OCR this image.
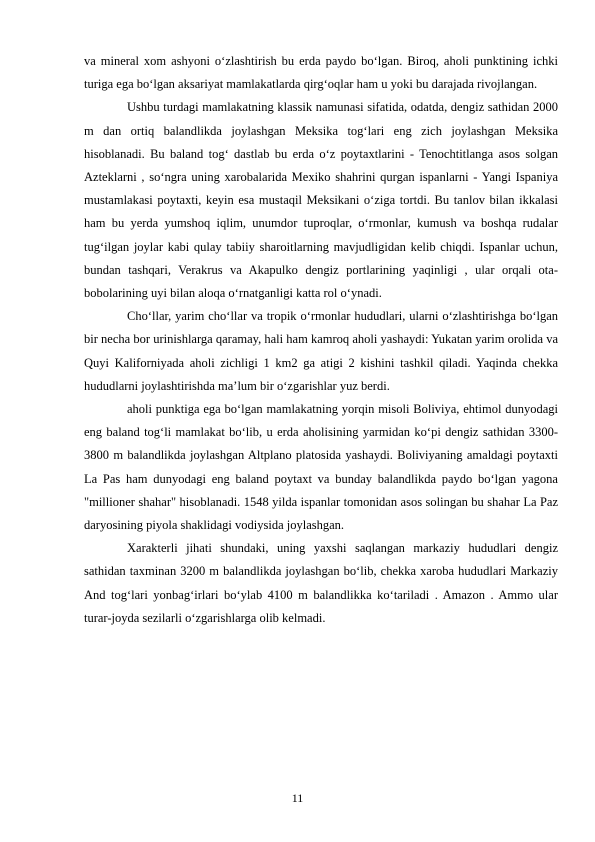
va mineral xom ashyoni o‘zlashtirish bu erda paydo bo‘lgan. Biroq, aholi punktining ichki turiga ega bo‘lgan aksariyat mamlakatlarda qirg‘oqlar ham u yoki bu darajada rivojlangan.

Ushbu turdagi mamlakatning klassik namunasi sifatida, odatda, dengiz sathidan 2000 m dan ortiq balandlikda joylashgan Meksika tog‘lari eng zich joylashgan Meksika hisoblanadi. Bu baland tog‘ dastlab bu erda o‘z poytaxtlarini - Tenochtitlanga asos solgan Azteklarni , so‘ngra uning xarobalarida Mexiko shahrini qurgan ispanlarni - Yangi Ispaniya mustamlakasi poytaxti, keyin esa mustaqil Meksikani o‘ziga tortdi. Bu tanlov bilan ikkalasi ham bu yerda yumshoq iqlim, unumdor tuproqlar, o‘rmonlar, kumush va boshqa rudalar tug‘ilgan joylar kabi qulay tabiiy sharoitlarning mavjudligidan kelib chiqdi. Ispanlar uchun, bundan tashqari, Verakrus va Akapulko dengiz portlarining yaqinligi , ular orqali ota-bobolarining uyi bilan aloqa o‘rnatganligi katta rol o‘ynadi.

Cho‘llar, yarim cho‘llar va tropik o‘rmonlar hududlari, ularni o‘zlashtirishga bo‘lgan bir necha bor urinishlarga qaramay, hali ham kamroq aholi yashaydi: Yukatan yarim orolida va Quyi Kaliforniyada aholi zichligi 1 km2 ga atigi 2 kishini tashkil qiladi. Yaqinda chekka hududlarni joylashtirishda ma’lum bir o‘zgarishlar yuz berdi.

aholi punktiga ega bo‘lgan mamlakatning yorqin misoli Boliviya, ehtimol dunyodagi eng baland tog‘li mamlakat bo‘lib, u erda aholisining yarmidan ko‘pi dengiz sathidan 3300-3800 m balandlikda joylashgan Altplano platosida yashaydi. Boliviyaning amaldagi poytaxti La Pas ham dunyodagi eng baland poytaxt va bunday balandlikda paydo bo‘lgan yagona "millioner shahar" hisoblanadi. 1548 yilda ispanlar tomonidan asos solingan bu shahar La Paz daryosining piyola shaklidagi vodiysida joylashgan.

Xarakterli jihati shundaki, uning yaxshi saqlangan markaziy hududlari dengiz sathidan taxminan 3200 m balandlikda joylashgan bo‘lib, chekka xaroba hududlari Markaziy And tog‘lari yonbag‘irlari bo‘ylab 4100 m balandlikka ko‘tariladi . Amazon . Ammo ular turar-joyda sezilarli o‘zgarishlarga olib kelmadi.

11
